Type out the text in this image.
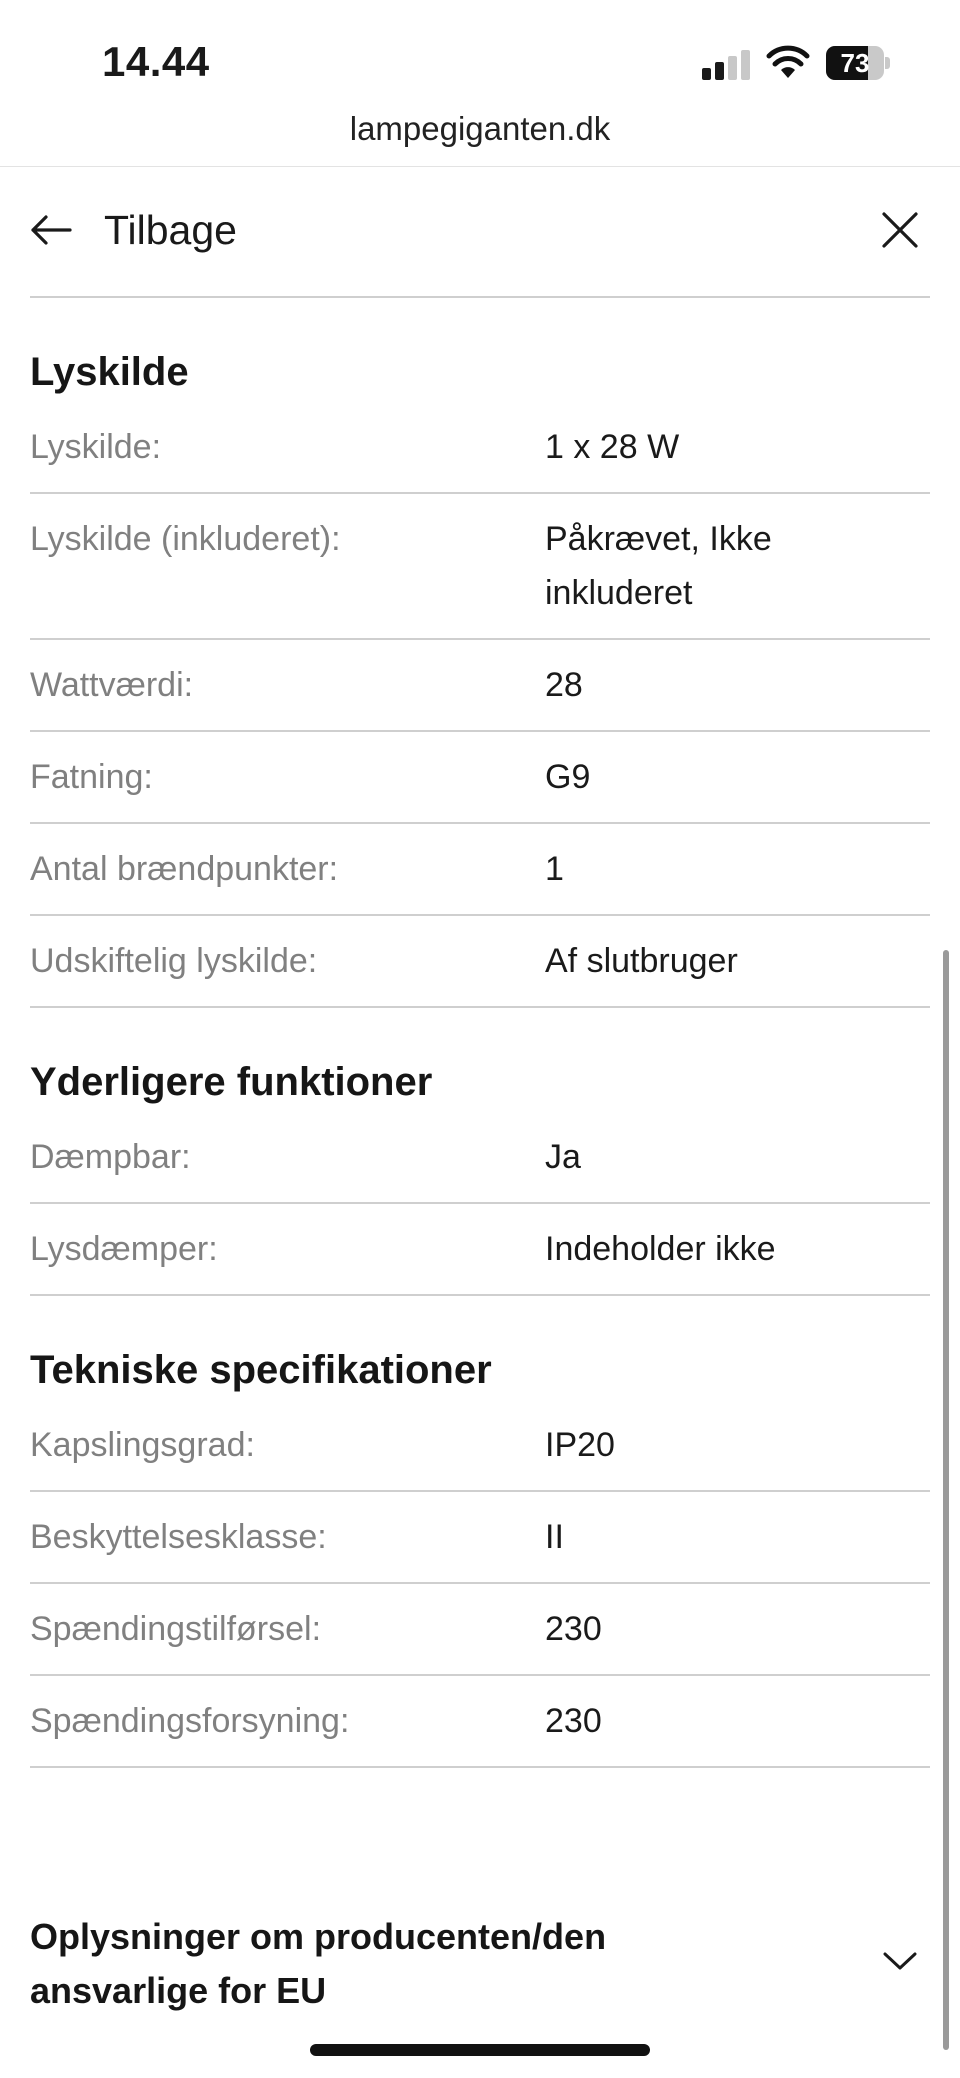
14.44	73
lampegiganten.dk
Tilbage
Lyskilde
Lyskilde:	1 x 28 W
Lyskilde (inkluderet):	Påkrævet, Ikke inkluderet
Wattværdi:	28
Fatning:	G9
Antal brændpunkter:	1
Udskiftelig lyskilde:	Af slutbruger
Yderligere funktioner
Dæmpbar:	Ja
Lysdæmper:	Indeholder ikke
Tekniske specifikationer
Kapslingsgrad:	IP20
Beskyttelsesklasse:	II
Spændingstilførsel:	230
Spændingsforsyning:	230
Oplysninger om producenten/den ansvarlige for EU
